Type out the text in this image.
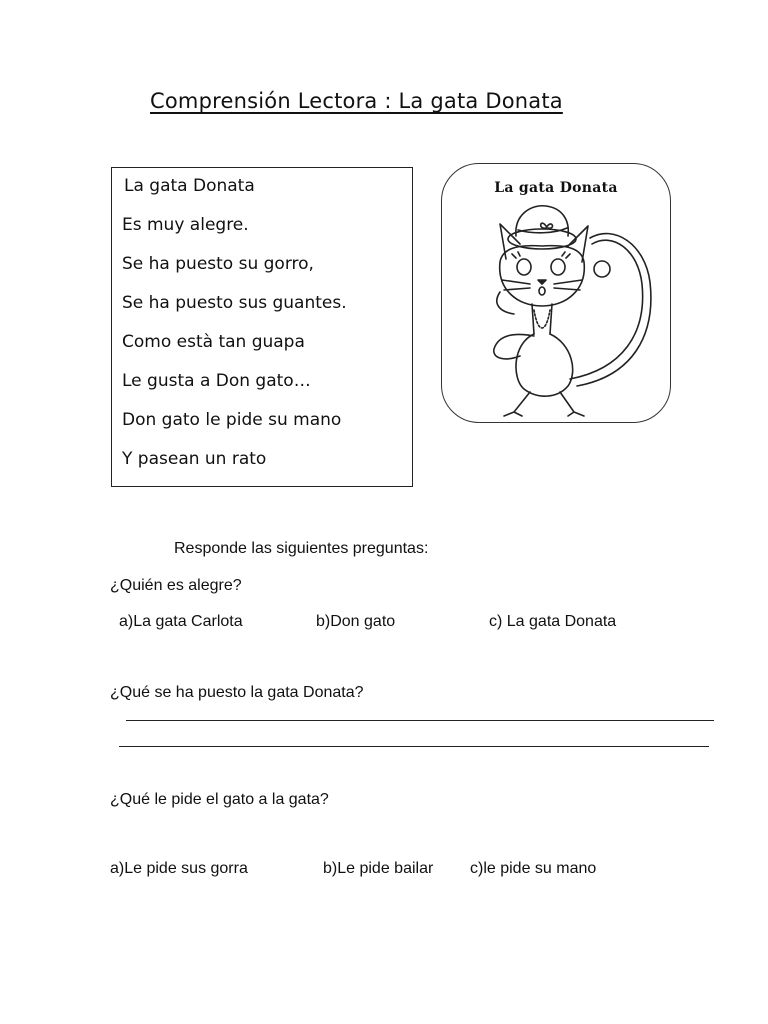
Comprensión Lectora : La gata Donata
La gata Donata
Es muy alegre.
Se ha puesto su gorro,
Se ha puesto sus guantes.
Como està tan guapa
Le gusta a Don gato…
Don gato le pide su mano
Y pasean un rato
La gata Donata
Responde las siguientes preguntas:
¿Quién es alegre?
a)La gata Carlota	b)Don gato	c) La gata Donata
¿Qué se ha puesto la gata Donata?
¿Qué le pide el gato a la gata?
a)Le pide sus gorra	b)Le pide bailar c)le pide su mano
